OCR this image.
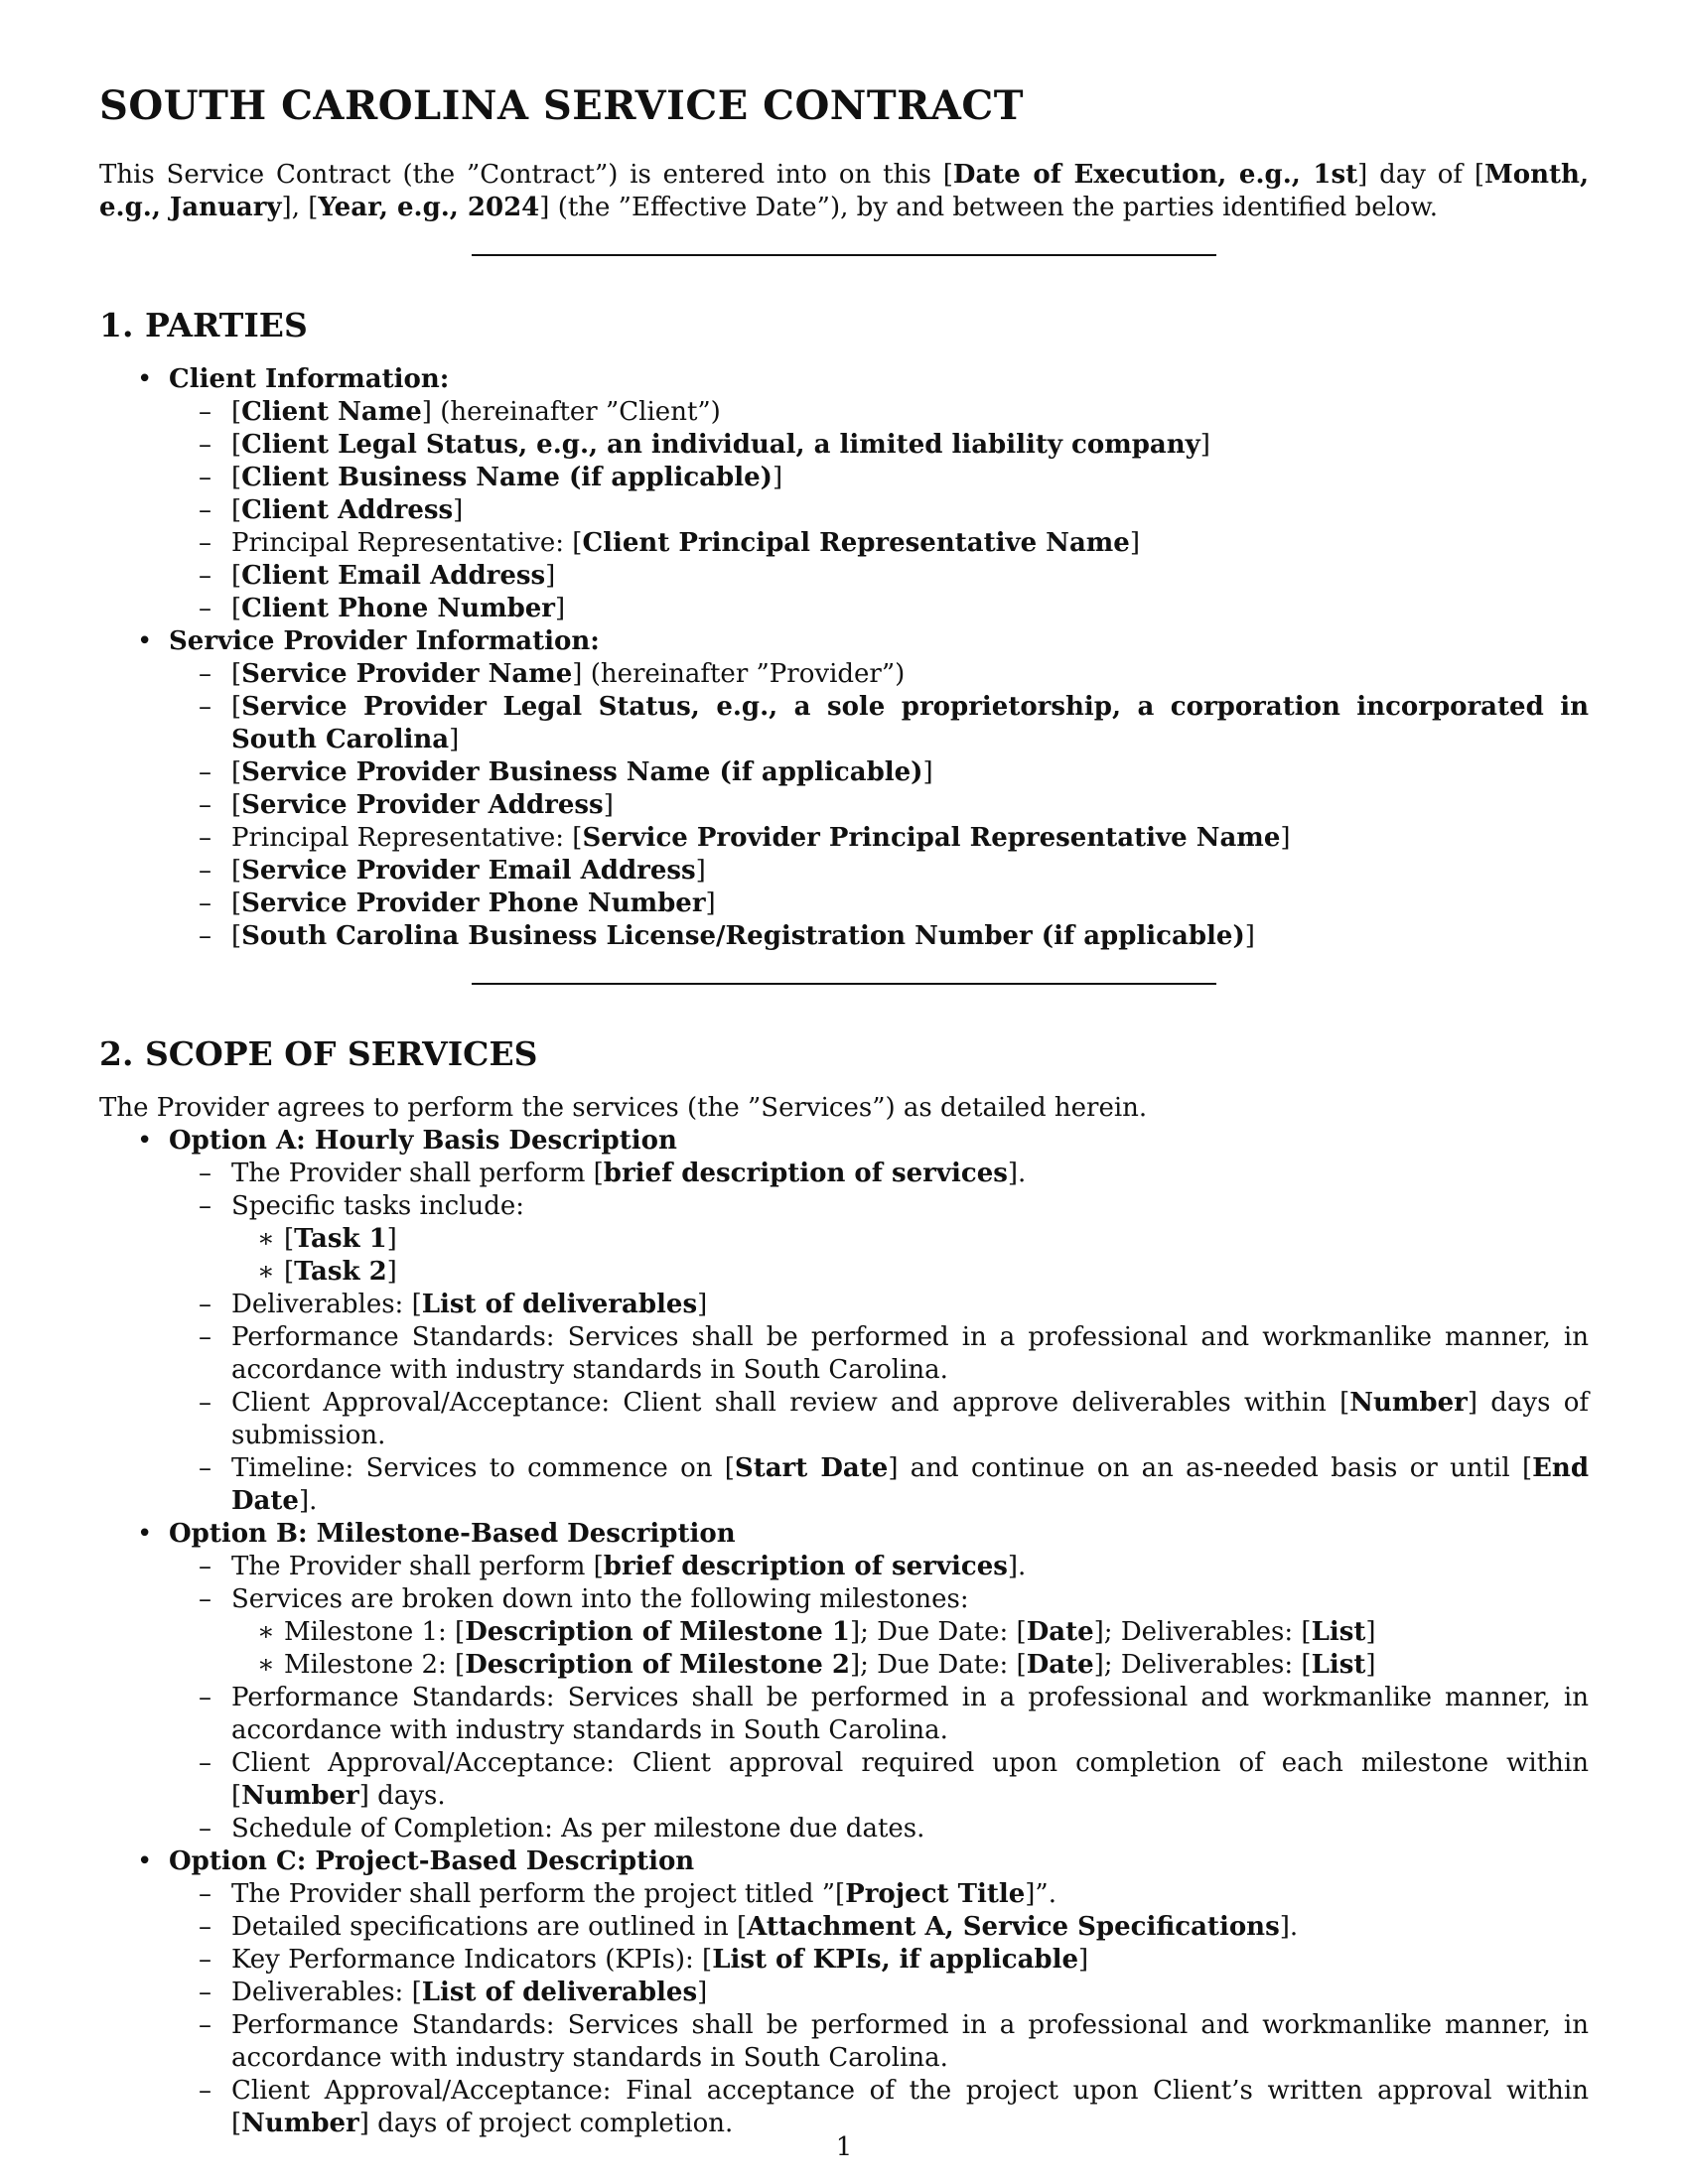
SOUTH CAROLINA SERVICE CONTRACT

This Service Contract (the ”Contract”) is entered into on this [Date of Execution, e.g., 1st] day of [Month, e.g., January], [Year, e.g., 2024] (the ”Effective Date”), by and between the parties identified below.

1. PARTIES
• Client Information:
– [Client Name] (hereinafter ”Client”)
– [Client Legal Status, e.g., an individual, a limited liability company]
– [Client Business Name (if applicable)]
– [Client Address]
– Principal Representative: [Client Principal Representative Name]
– [Client Email Address]
– [Client Phone Number]
• Service Provider Information:
– [Service Provider Name] (hereinafter ”Provider”)
– [Service Provider Legal Status, e.g., a sole proprietorship, a corporation incorporated in South Carolina]
– [Service Provider Business Name (if applicable)]
– [Service Provider Address]
– Principal Representative: [Service Provider Principal Representative Name]
– [Service Provider Email Address]
– [Service Provider Phone Number]
– [South Carolina Business License/Registration Number (if applicable)]
2. SCOPE OF SERVICES

The Provider agrees to perform the services (the ”Services”) as detailed herein.

• Option A: Hourly Basis Description
– The Provider shall perform [brief description of services].
– Specific tasks include:
∗ [Task 1]
∗ [Task 2]
– Deliverables: [List of deliverables]
– Performance Standards: Services shall be performed in a professional and workmanlike manner, in accordance with industry standards in South Carolina.
– Client Approval/Acceptance: Client shall review and approve deliverables within [Number] days of submission.
– Timeline: Services to commence on [Start Date] and continue on an as-needed basis or until [End Date].
• Option B: Milestone-Based Description
– The Provider shall perform [brief description of services].
– Services are broken down into the following milestones:
∗ Milestone 1: [Description of Milestone 1]; Due Date: [Date]; Deliverables: [List]
∗ Milestone 2: [Description of Milestone 2]; Due Date: [Date]; Deliverables: [List]
– Performance Standards: Services shall be performed in a professional and workmanlike manner, in accordance with industry standards in South Carolina.
– Client Approval/Acceptance: Client approval required upon completion of each milestone within [Number] days.
– Schedule of Completion: As per milestone due dates.
• Option C: Project-Based Description
– The Provider shall perform the project titled ”[Project Title]”.
– Detailed specifications are outlined in [Attachment A, Service Specifications].
– Key Performance Indicators (KPIs): [List of KPIs, if applicable]
– Deliverables: [List of deliverables]
– Performance Standards: Services shall be performed in a professional and workmanlike manner, in accordance with industry standards in South Carolina.
– Client Approval/Acceptance: Final acceptance of the project upon Client’s written approval within [Number] days of project completion.
1
